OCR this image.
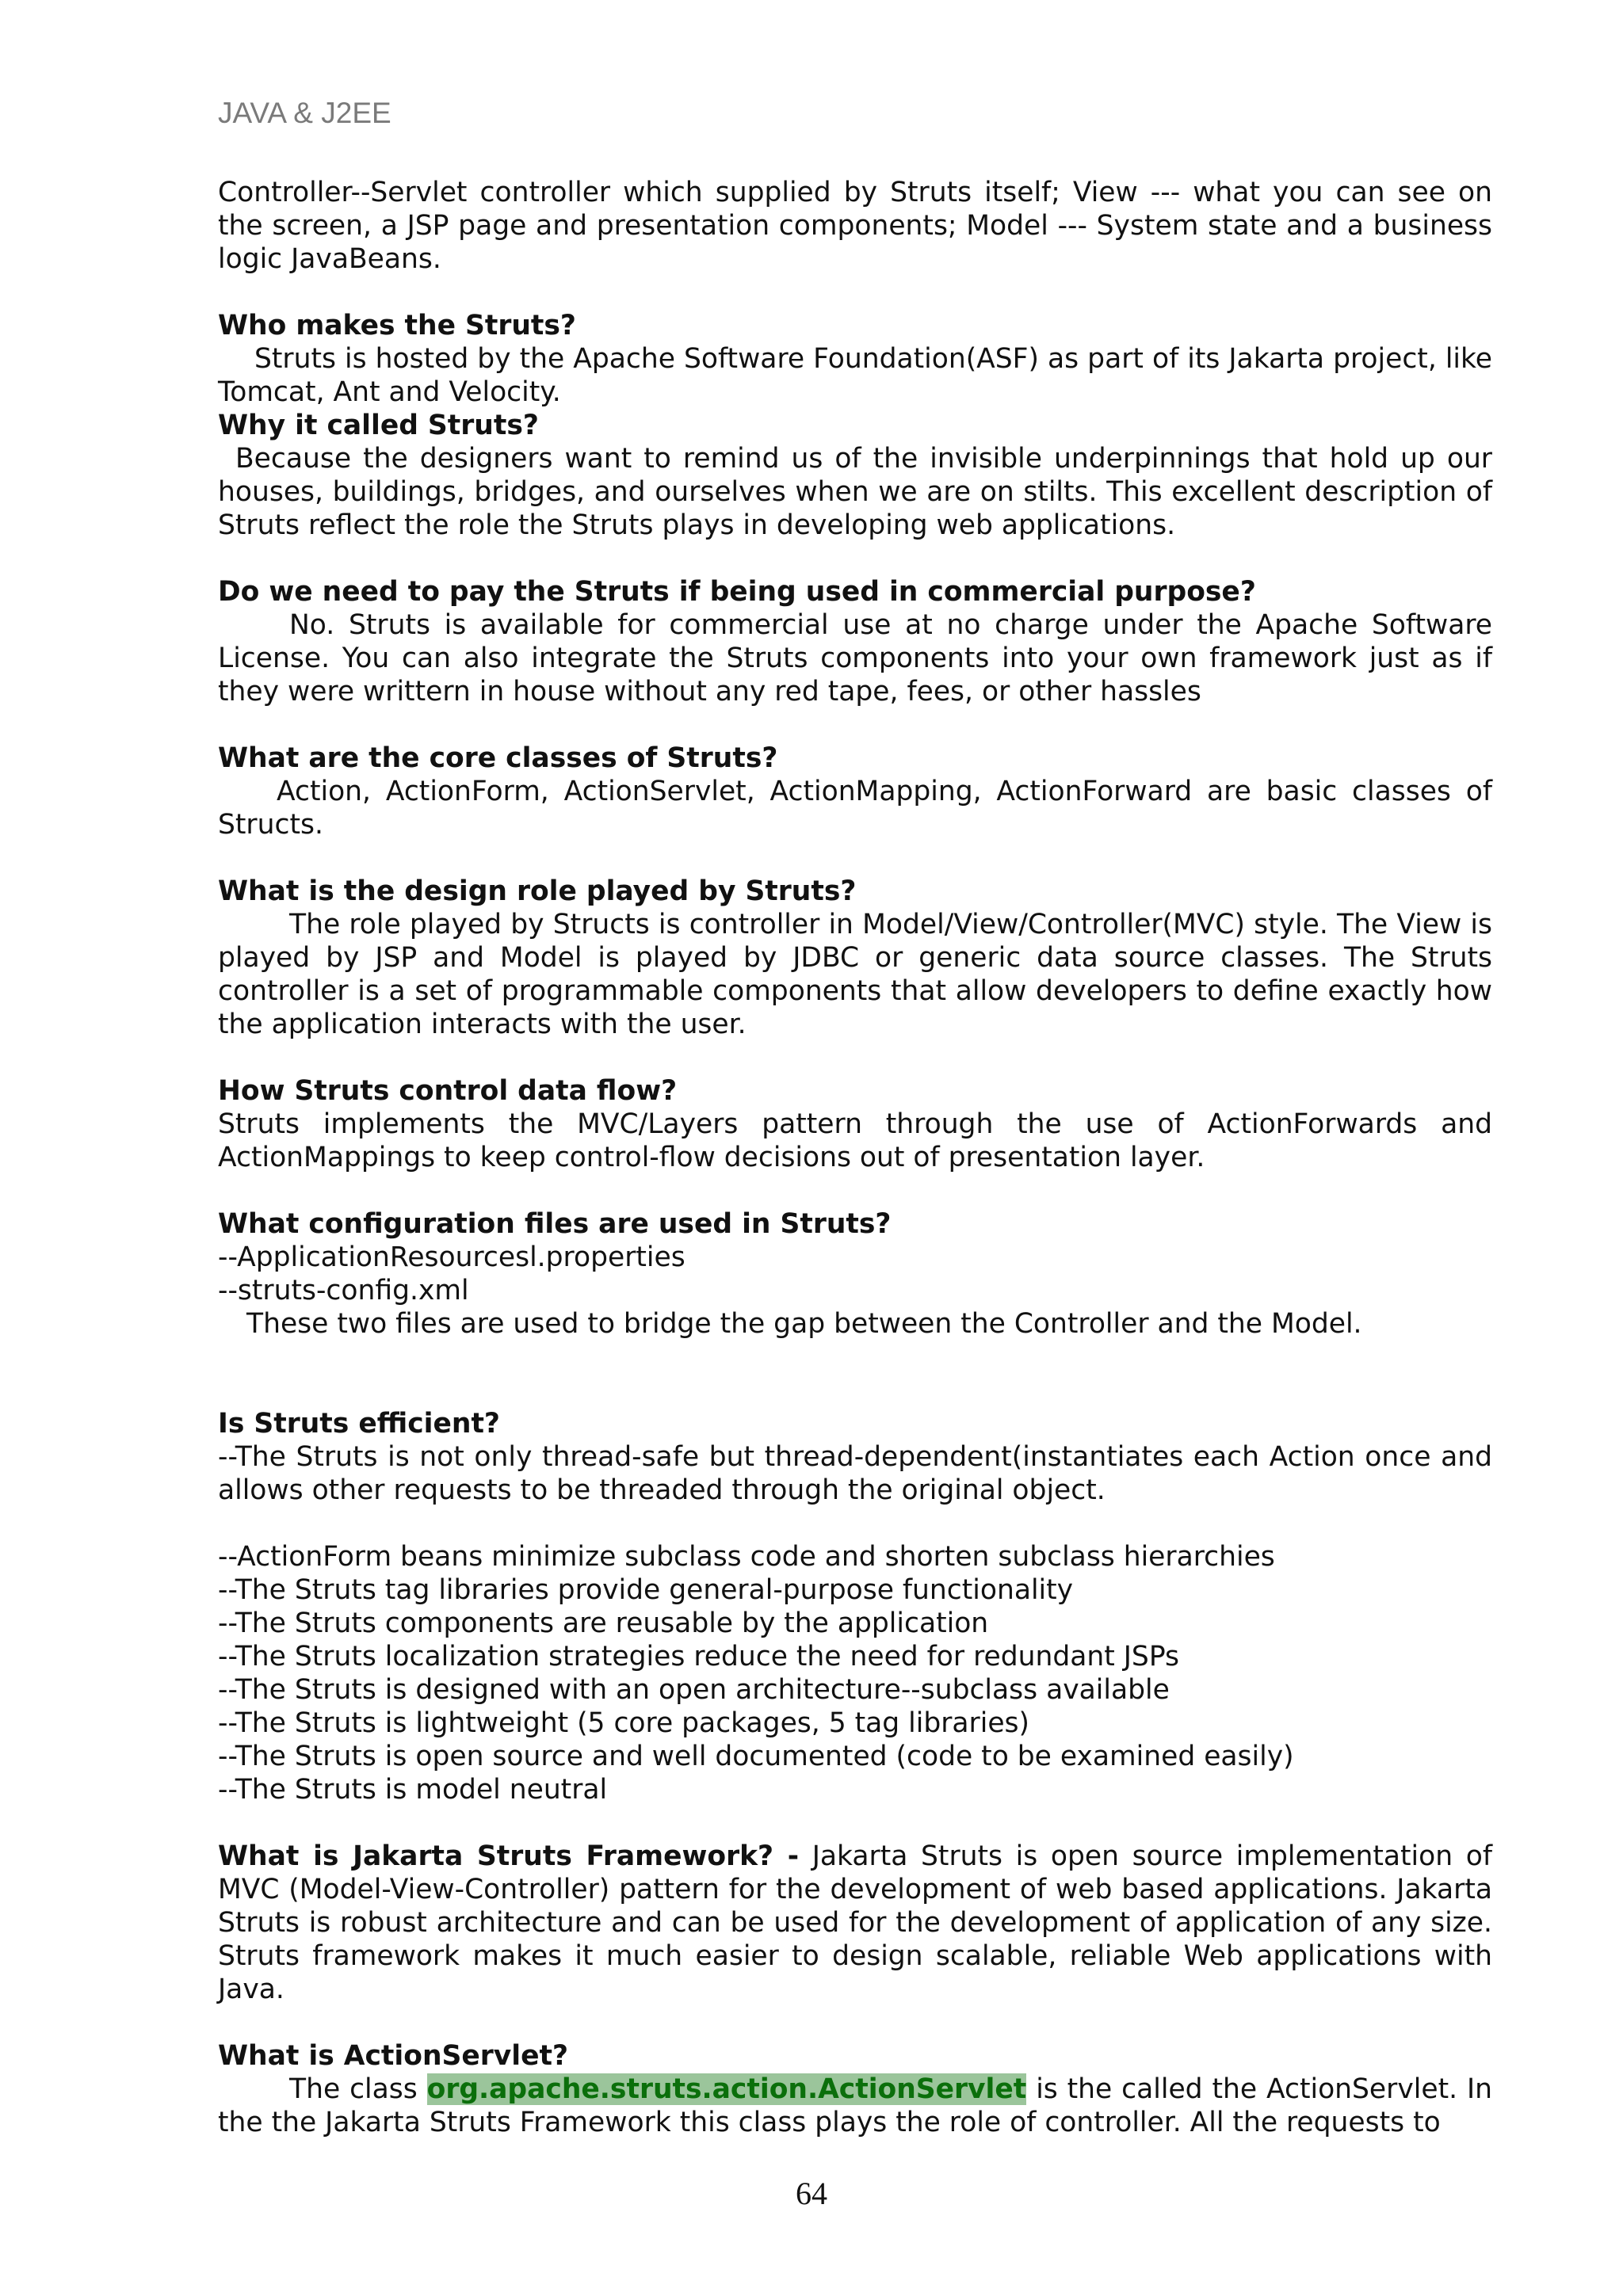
JAVA & J2EE

Controller--Servlet controller which supplied by Struts itself; View --- what you can see on the screen, a JSP page and presentation components; Model --- System state and a business logic JavaBeans.

Who makes the Struts?

Struts is hosted by the Apache Software Foundation(ASF) as part of its Jakarta project, like Tomcat, Ant and Velocity.

Why it called Struts?

Because the designers want to remind us of the invisible underpinnings that hold up our houses, buildings, bridges, and ourselves when we are on stilts. This excellent description of Struts reflect the role the Struts plays in developing web applications.

Do we need to pay the Struts if being used in commercial purpose?

No. Struts is available for commercial use at no charge under the Apache Software License. You can also integrate the Struts components into your own framework just as if they were writtern in house without any red tape, fees, or other hassles

What are the core classes of Struts?

Action, ActionForm, ActionServlet, ActionMapping, ActionForward are basic classes of Structs.

What is the design role played by Struts?

The role played by Structs is controller in Model/View/Controller(MVC) style. The View is played by JSP and Model is played by JDBC or generic data source classes. The Struts controller is a set of programmable components that allow developers to define exactly how the application interacts with the user.

How Struts control data flow?

Struts implements the MVC/Layers pattern through the use of ActionForwards and ActionMappings to keep control-flow decisions out of presentation layer.

What configuration files are used in Struts?

--ApplicationResourcesl.properties

--struts-config.xml

These two files are used to bridge the gap between the Controller and the Model.

Is Struts efficient?

--The Struts is not only thread-safe but thread-dependent(instantiates each Action once and allows other requests to be threaded through the original object.

--ActionForm beans minimize subclass code and shorten subclass hierarchies

--The Struts tag libraries provide general-purpose functionality

--The Struts components are reusable by the application

--The Struts localization strategies reduce the need for redundant JSPs

--The Struts is designed with an open architecture--subclass available

--The Struts is lightweight (5 core packages, 5 tag libraries)

--The Struts is open source and well documented (code to be examined easily)

--The Struts is model neutral

What is Jakarta Struts Framework? - Jakarta Struts is open source implementation of MVC (Model-View-Controller) pattern for the development of web based applications. Jakarta Struts is robust architecture and can be used for the development of application of any size. Struts framework makes it much easier to design scalable, reliable Web applications with Java.

What is ActionServlet?

The class org.apache.struts.action.ActionServlet is the called the ActionServlet. In the the Jakarta Struts Framework this class plays the role of controller. All the requests to

64
